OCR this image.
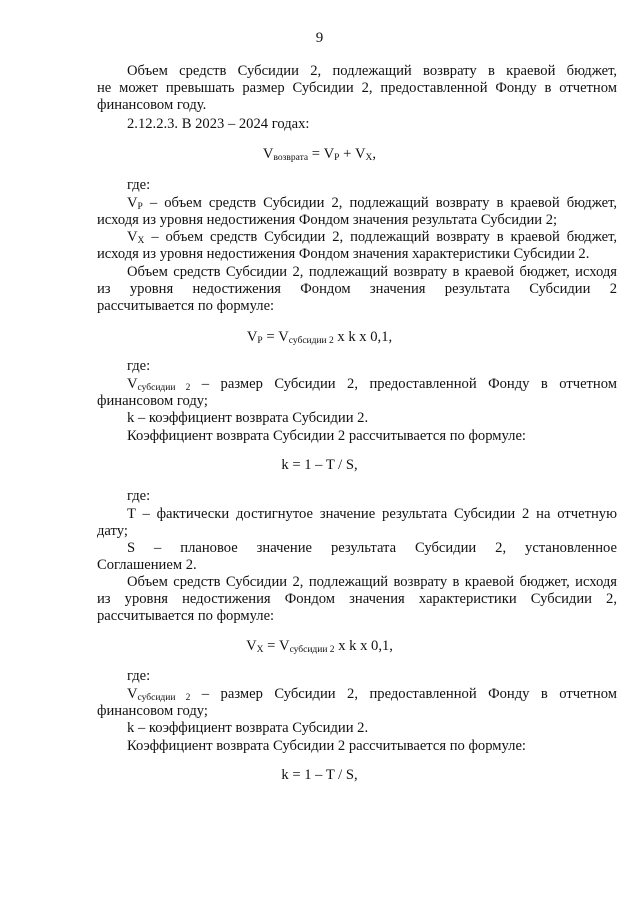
9
Объем средств Субсидии 2, подлежащий возврату в краевой бюджет,
не может превышать размер Субсидии 2, предоставленной Фонду в отчетном
финансовом году.
2.12.2.3. В 2023 – 2024 годах:
$V_{возврата} = V_Р + V_Х$,
где:
$V_Р$ – объем средств Субсидии 2, подлежащий возврату в краевой бюджет,
исходя из уровня недостижения Фондом значения результата Субсидии 2;
$V_Х$ – объем средств Субсидии 2, подлежащий возврату в краевой бюджет,
исходя из уровня недостижения Фондом значения характеристики Субсидии 2.
Объем средств Субсидии 2, подлежащий возврату в краевой бюджет, исходя
из уровня недостижения Фондом значения результата Субсидии 2
рассчитывается по формуле:
$V_Р = V_{субсидии 2}$ x k x 0,1,
где:
$V_{субсидии 2}$ – размер Субсидии 2, предоставленной Фонду в отчетном
финансовом году;
k – коэффициент возврата Субсидии 2.
Коэффициент возврата Субсидии 2 рассчитывается по формуле:
k = 1 – T / S,
где:
T – фактически достигнутое значение результата Субсидии 2 на отчетную
дату;
S – плановое значение результата Субсидии 2, установленное
Соглашением 2.
Объем средств Субсидии 2, подлежащий возврату в краевой бюджет, исходя
из уровня недостижения Фондом значения характеристики Субсидии 2,
рассчитывается по формуле:
$V_Х = V_{субсидии 2}$ x k x 0,1,
где:
$V_{субсидии 2}$ – размер Субсидии 2, предоставленной Фонду в отчетном
финансовом году;
k – коэффициент возврата Субсидии 2.
Коэффициент возврата Субсидии 2 рассчитывается по формуле:
k = 1 – T / S,
